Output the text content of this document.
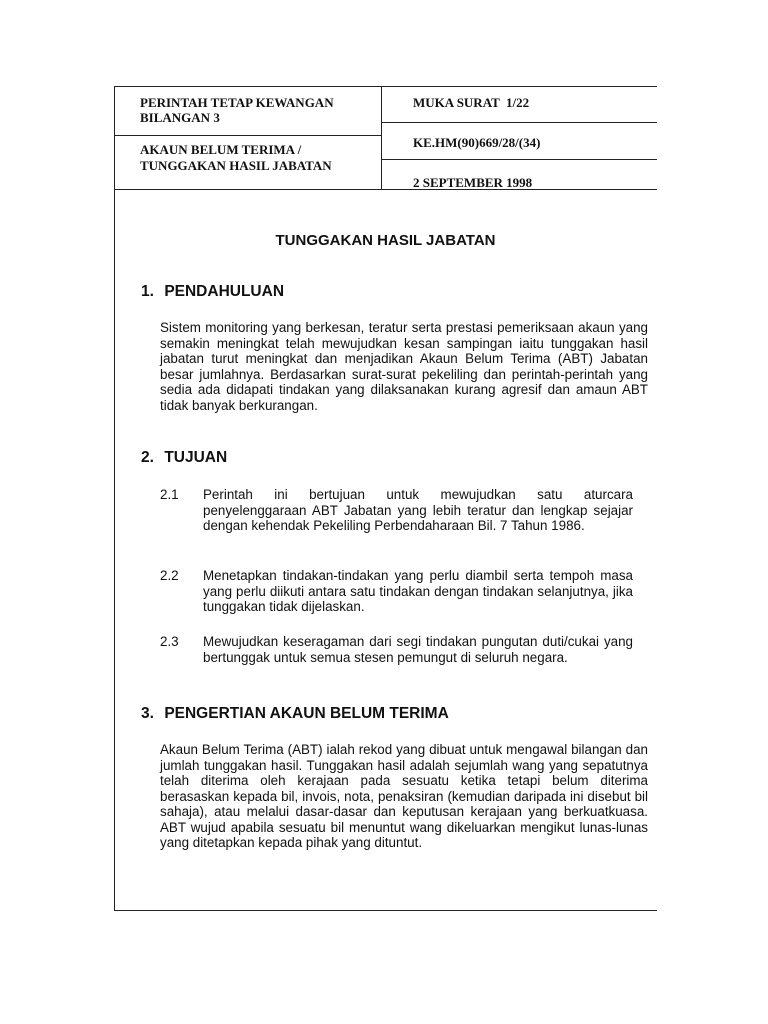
PERINTAH TETAP KEWANGAN
BILANGAN 3
AKAUN BELUM TERIMA /
TUNGGAKAN HASIL JABATAN
MUKA SURAT  1/22
KE.HM(90)669/28/(34)
2 SEPTEMBER 1998
TUNGGAKAN HASIL JABATAN
1. PENDAHULUAN

Sistem monitoring yang berkesan, teratur serta prestasi pemeriksaan akaun yang semakin meningkat telah mewujudkan kesan sampingan iaitu tunggakan hasil jabatan turut meningkat dan menjadikan Akaun Belum Terima (ABT) Jabatan besar jumlahnya. Berdasarkan surat-surat pekeliling dan perintah-perintah yang sedia ada didapati tindakan yang dilaksanakan kurang agresif dan amaun ABT tidak banyak berkurangan.

2. TUJUAN
2.1 Perintah ini bertujuan untuk mewujudkan satu aturcara penyelenggaraan ABT Jabatan yang lebih teratur dan lengkap sejajar dengan kehendak Pekeliling Perbendaharaan Bil. 7 Tahun 1986.

2.2 Menetapkan tindakan-tindakan yang perlu diambil serta tempoh masa yang perlu diikuti antara satu tindakan dengan tindakan selanjutnya, jika tunggakan tidak dijelaskan.

2.3 Mewujudkan keseragaman dari segi tindakan pungutan duti/cukai yang bertunggak untuk semua stesen pemungut di seluruh negara.

3. PENGERTIAN AKAUN BELUM TERIMA

Akaun Belum Terima (ABT) ialah rekod yang dibuat untuk mengawal bilangan dan jumlah tunggakan hasil. Tunggakan hasil adalah sejumlah wang yang sepatutnya telah diterima oleh kerajaan pada sesuatu ketika tetapi belum diterima berasaskan kepada bil, invois, nota, penaksiran (kemudian daripada ini disebut bil sahaja), atau melalui dasar-dasar dan keputusan kerajaan yang berkuatkuasa. ABT wujud apabila sesuatu bil menuntut wang dikeluarkan mengikut lunas-lunas yang ditetapkan kepada pihak yang dituntut.
